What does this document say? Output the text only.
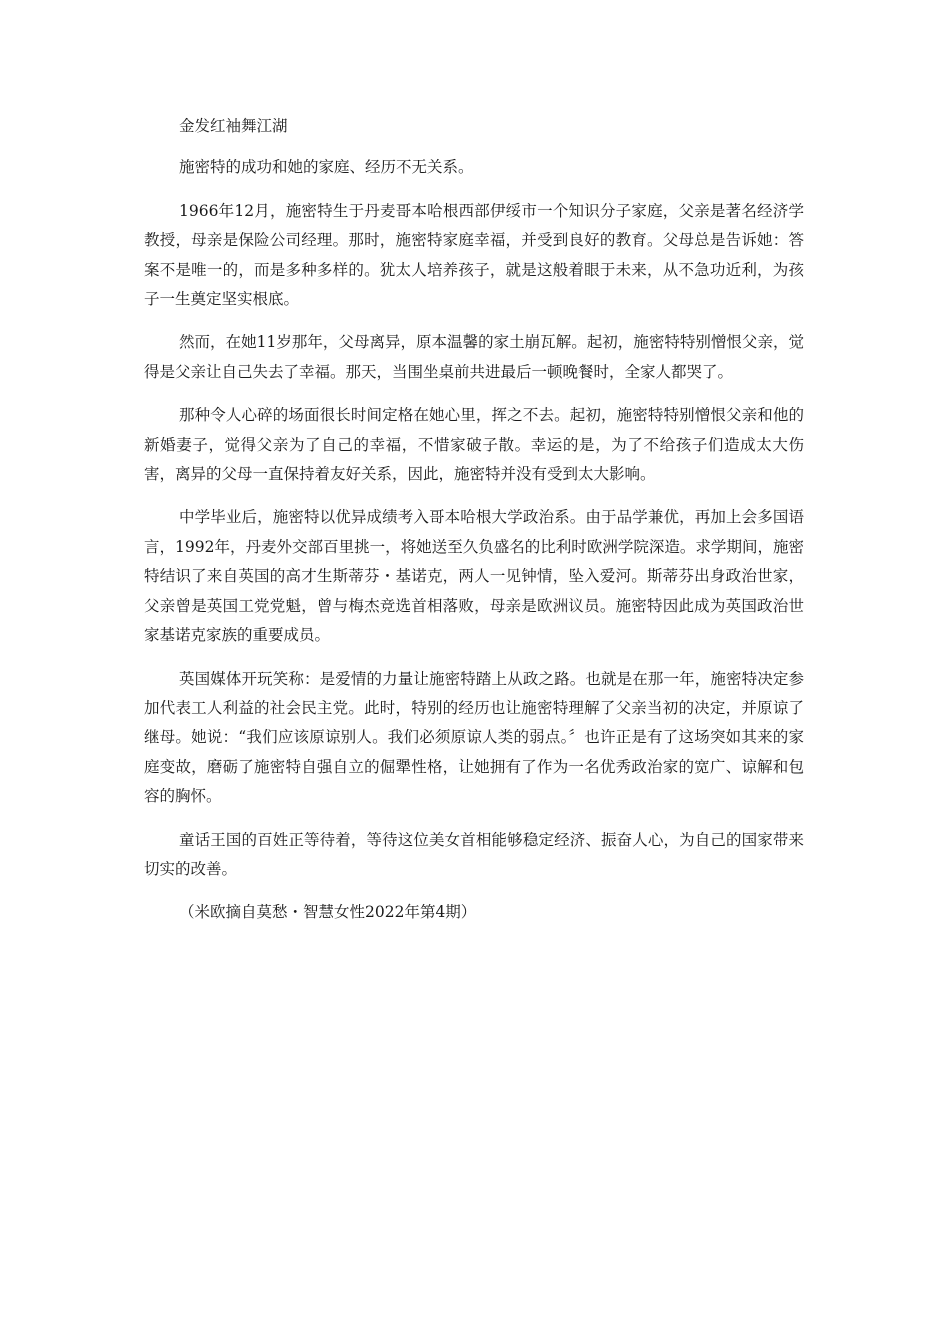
金发红袖舞江湖

施密特的成功和她的家庭、经历不无关系。

1966年12月，施密特生于丹麦哥本哈根西部伊绥市一个知识分子家庭，父亲是著名经济学教授，母亲是保险公司经理。那时，施密特家庭幸福，并受到良好的教育。父母总是告诉她：答案不是唯一的，而是多种多样的。犹太人培养孩子，就是这般着眼于未来，从不急功近利，为孩子一生奠定坚实根底。

然而，在她11岁那年，父母离异，原本温馨的家土崩瓦解。起初，施密特特别憎恨父亲，觉得是父亲让自己失去了幸福。那天，当围坐桌前共进最后一顿晚餐时，全家人都哭了。

那种令人心碎的场面很长时间定格在她心里，挥之不去。起初，施密特特别憎恨父亲和他的新婚妻子，觉得父亲为了自己的幸福，不惜家破子散。幸运的是，为了不给孩子们造成太大伤害，离异的父母一直保持着友好关系，因此，施密特并没有受到太大影响。

中学毕业后，施密特以优异成绩考入哥本哈根大学政治系。由于品学兼优，再加上会多国语言，1992年，丹麦外交部百里挑一，将她送至久负盛名的比利时欧洲学院深造。求学期间，施密特结识了来自英国的高才生斯蒂芬・基诺克，两人一见钟情，坠入爱河。斯蒂芬出身政治世家，父亲曾是英国工党党魁，曾与梅杰竞选首相落败，母亲是欧洲议员。施密特因此成为英国政治世家基诺克家族的重要成员。

英国媒体开玩笑称：是爱情的力量让施密特踏上从政之路。也就是在那一年，施密特决定参加代表工人利益的社会民主党。此时，特别的经历也让施密特理解了父亲当初的决定，并原谅了继母。她说：“我们应该原谅别人。我们必须原谅人类的弱点。〞也许正是有了这场突如其来的家庭变故，磨砺了施密特自强自立的倔犟性格，让她拥有了作为一名优秀政治家的宽广、谅解和包容的胸怀。

童话王国的百姓正等待着，等待这位美女首相能够稳定经济、振奋人心，为自己的国家带来切实的改善。

（米欧摘自莫愁・智慧女性2022年第4期）
